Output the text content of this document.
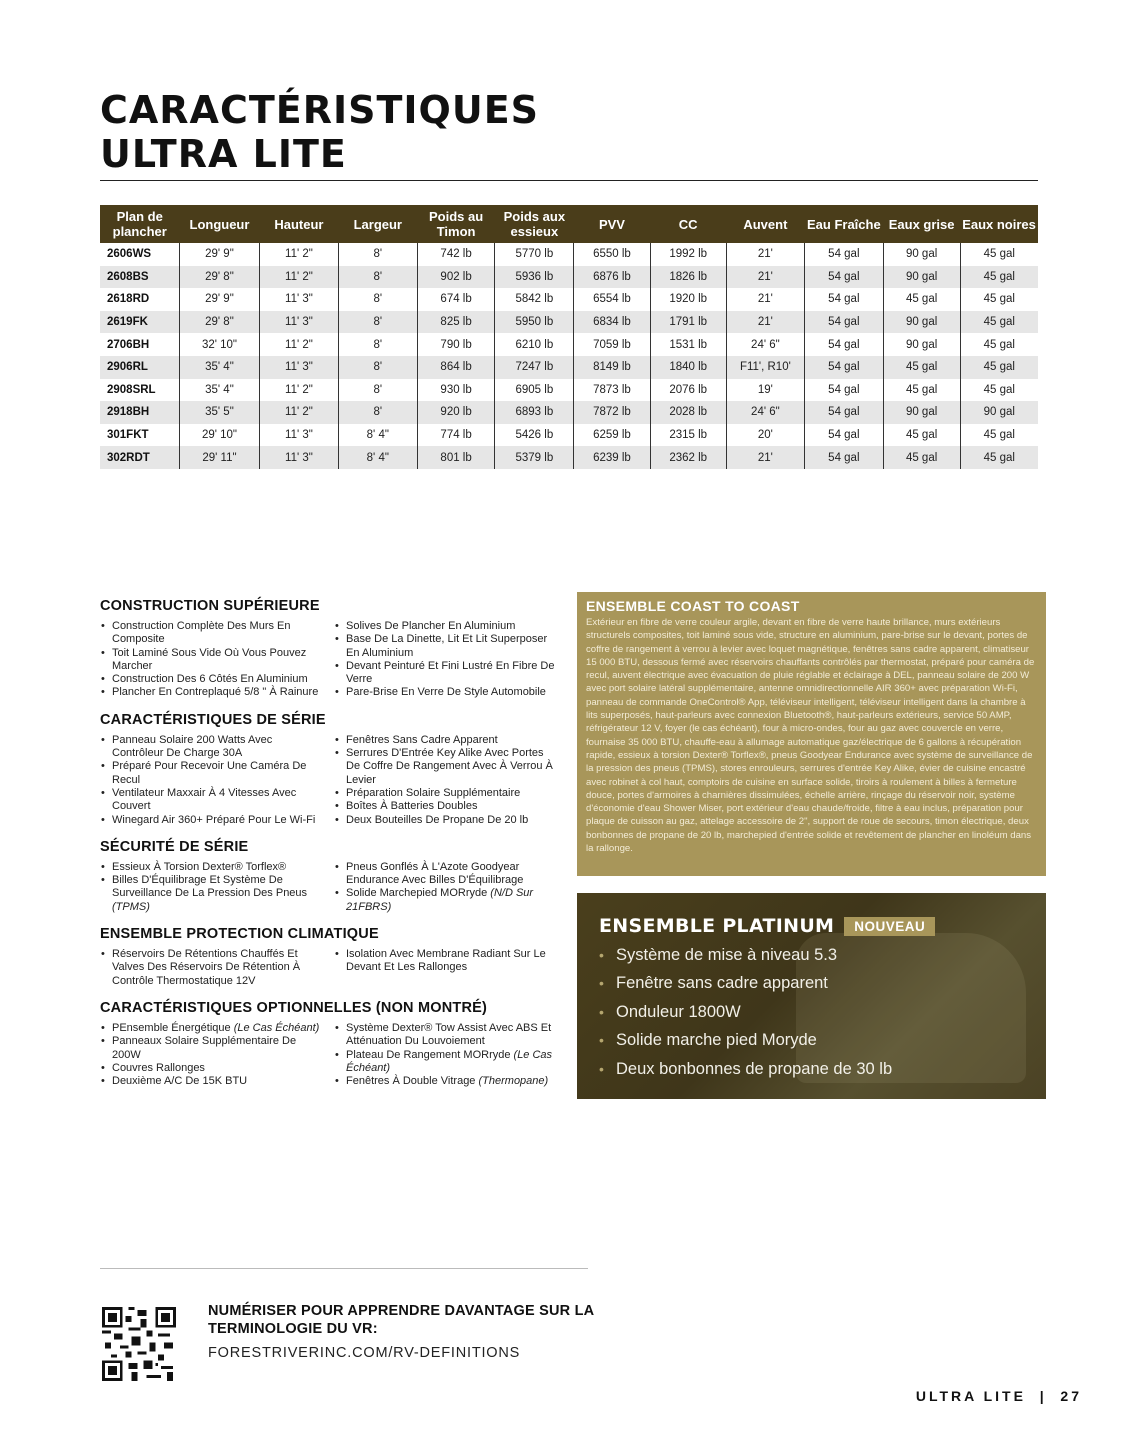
CARACTÉRISTIQUES
ULTRA LITE
Plan de plancher	Longueur	Hauteur	Largeur	Poids au Timon	Poids aux essieux	PVV	CC	Auvent	Eau Fraîche	Eaux grise	Eaux noires
2606WS	29' 9"	11' 2"	8'	742 lb	5770 lb	6550 lb	1992 lb	21'	54 gal	90 gal	45 gal
2608BS	29' 8"	11' 2"	8'	902 lb	5936 lb	6876 lb	1826 lb	21'	54 gal	90 gal	45 gal
2618RD	29' 9"	11' 3"	8'	674 lb	5842 lb	6554 lb	1920 lb	21'	54 gal	45 gal	45 gal
2619FK	29' 8"	11' 3"	8'	825 lb	5950 lb	6834 lb	1791 lb	21'	54 gal	90 gal	45 gal
2706BH	32' 10"	11' 2"	8'	790 lb	6210 lb	7059 lb	1531 lb	24' 6"	54 gal	90 gal	45 gal
2906RL	35' 4"	11' 3"	8'	864 lb	7247 lb	8149 lb	1840 lb	F11', R10'	54 gal	45 gal	45 gal
2908SRL	35' 4"	11' 2"	8'	930 lb	6905 lb	7873 lb	2076 lb	19'	54 gal	45 gal	45 gal
2918BH	35' 5"	11' 2"	8'	920 lb	6893 lb	7872 lb	2028 lb	24' 6"	54 gal	90 gal	90 gal
301FKT	29' 10"	11' 3"	8' 4"	774 lb	5426 lb	6259 lb	2315 lb	20'	54 gal	45 gal	45 gal
302RDT	29' 11"	11' 3"	8' 4"	801 lb	5379 lb	6239 lb	2362 lb	21'	54 gal	45 gal	45 gal
CONSTRUCTION SUPÉRIEURE
• Construction Complète Des Murs En Composite
• Toit Laminé Sous Vide Où Vous Pouvez Marcher
• Construction Des 6 Côtés En Aluminium
• Plancher En Contreplaqué 5/8 " À Rainure
• Solives De Plancher En Aluminium
• Base De La Dinette, Lit Et Lit Superposer En Aluminium
• Devant Peinturé Et Fini Lustré En Fibre De Verre
• Pare-Brise En Verre De Style Automobile
CARACTÉRISTIQUES DE SÉRIE
• Panneau Solaire 200 Watts Avec Contrôleur De Charge 30A
• Préparé Pour Recevoir Une Caméra De Recul
• Ventilateur Maxxair À 4 Vitesses Avec Couvert
• Winegard Air 360+ Préparé Pour Le Wi-Fi
• Fenêtres Sans Cadre Apparent
• Serrures D'Entrée Key Alike Avec Portes De Coffre De Rangement Avec À Verrou À Levier
• Préparation Solaire Supplémentaire
• Boîtes À Batteries Doubles
• Deux Bouteilles De Propane De 20 lb
SÉCURITÉ DE SÉRIE
• Essieux À Torsion Dexter® Torflex®
• Billes D'Équilibrage Et Système De Surveillance De La Pression Des Pneus (TPMS)
• Pneus Gonflés À L'Azote Goodyear Endurance Avec Billes D'Équilibrage
• Solide Marchepied MORryde (N/D Sur 21FBRS)
ENSEMBLE PROTECTION CLIMATIQUE
• Réservoirs De Rétentions Chauffés Et Valves Des Réservoirs De Rétention À Contrôle Thermostatique 12V
• Isolation Avec Membrane Radiant Sur Le Devant Et Les Rallonges
CARACTÉRISTIQUES OPTIONNELLES (NON MONTRÉ)
• PEnsemble Énergétique (Le Cas Échéant)
• Panneaux Solaire Supplémentaire De 200W
• Couvres Rallonges
• Deuxième A/C De 15K BTU
• Système Dexter® Tow Assist Avec ABS Et Atténuation Du Louvoiement
• Plateau De Rangement MORryde (Le Cas Échéant)
• Fenêtres À Double Vitrage (Thermopane)
ENSEMBLE COAST TO COAST

Extérieur en fibre de verre couleur argile, devant en fibre de verre haute brillance, murs extérieurs structurels composites, toit laminé sous vide, structure en aluminium, pare-brise sur le devant, portes de coffre de rangement à verrou à levier avec loquet magnétique, fenêtres sans cadre apparent, climatiseur 15 000 BTU, dessous fermé avec réservoirs chauffants contrôlés par thermostat, préparé pour caméra de recul, auvent électrique avec évacuation de pluie réglable et éclairage à DEL, panneau solaire de 200 W avec port solaire latéral supplémentaire, antenne omnidirectionnelle AIR 360+ avec préparation Wi-Fi, panneau de commande OneControl® App, téléviseur intelligent, téléviseur intelligent dans la chambre à lits superposés, haut-parleurs avec connexion Bluetooth®, haut-parleurs extérieurs, service 50 AMP, réfrigérateur 12 V, foyer (le cas échéant), four à micro-ondes, four au gaz avec couvercle en verre, fournaise 35 000 BTU, chauffe-eau à allumage automatique gaz/électrique de 6 gallons à récupération rapide, essieux à torsion Dexter® Torflex®, pneus Goodyear Endurance avec système de surveillance de la pression des pneus (TPMS), stores enrouleurs, serrures d'entrée Key Alike, évier de cuisine encastré avec robinet à col haut, comptoirs de cuisine en surface solide, tiroirs à roulement à billes à fermeture douce, portes d'armoires à charnières dissimulées, échelle arrière, rinçage du réservoir noir, système d'économie d'eau Shower Miser, port extérieur d'eau chaude/froide, filtre à eau inclus, préparation pour plaque de cuisson au gaz, attelage accessoire de 2", support de roue de secours, timon électrique, deux bonbonnes de propane de 20 lb, marchepied d'entrée solide et revêtement de plancher en linoléum dans la rallonge.

ENSEMBLE PLATINUM	NOUVEAU
• Système de mise à niveau 5.3
• Fenêtre sans cadre apparent
• Onduleur 1800W
• Solide marche pied Moryde
• Deux bonbonnes de propane de 30 lb
NUMÉRISER POUR APPRENDRE DAVANTAGE SUR LA TERMINOLOGIE DU VR:
FORESTRIVERINC.COM/RV-DEFINITIONS
ULTRA LITE  |  27
